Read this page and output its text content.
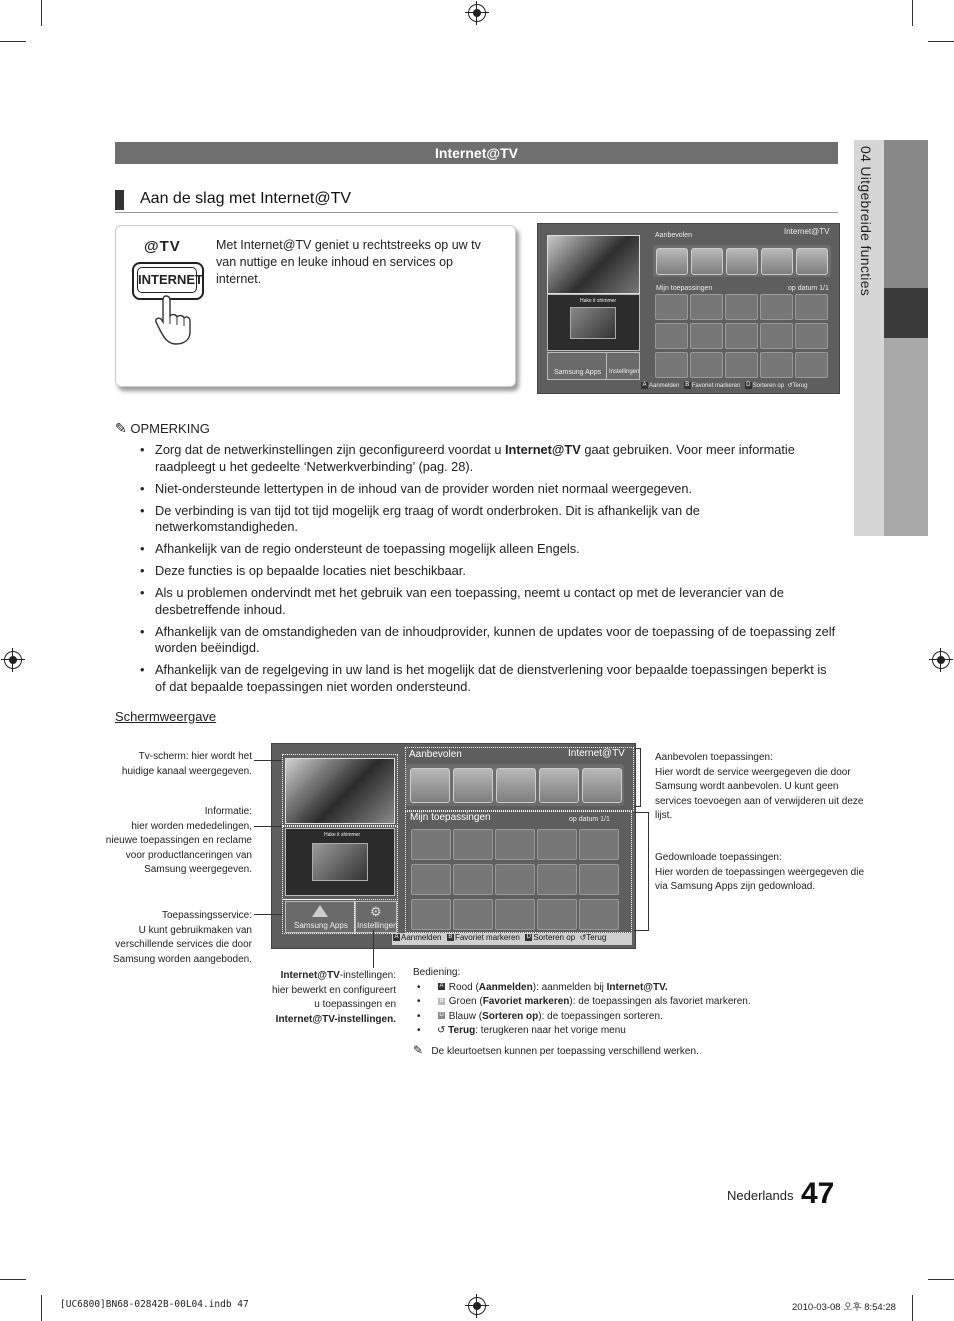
04 Uitgebreide functies
Internet@TV
Aan de slag met Internet@TV
@TV
INTERNET
Met Internet@TV geniet u rechtstreeks op uw tv van nuttige en leuke inhoud en services op internet.
Hake it shimmer
Samsung Apps Instellingen
Aanbevolen	Internet@TV
Mijn toepassingen	op datum 1/1
A Aanmelden B Favoriet markeren D Sorteren op ↺Terug
✎ OPMERKING
• Zorg dat de netwerkinstellingen zijn geconfigureerd voordat u Internet@TV gaat gebruiken. Voor meer informatie raadpleegt u het gedeelte ‘Netwerkverbinding’ (pag. 28).
• Niet-ondersteunde lettertypen in de inhoud van de provider worden niet normaal weergegeven.
• De verbinding is van tijd tot tijd mogelijk erg traag of wordt onderbroken. Dit is afhankelijk van de netwerkomstandigheden.
• Afhankelijk van de regio ondersteunt de toepassing mogelijk alleen Engels.
• Deze functies is op bepaalde locaties niet beschikbaar.
• Als u problemen ondervindt met het gebruik van een toepassing, neemt u contact op met de leverancier van de desbetreffende inhoud.
• Afhankelijk van de omstandigheden van de inhoudprovider, kunnen de updates voor de toepassing of de toepassing zelf worden beëindigd.
• Afhankelijk van de regelgeving in uw land is het mogelijk dat de dienstverlening voor bepaalde toepassingen beperkt is of dat bepaalde toepassingen niet worden ondersteund.
Schermweergave
Hake it shimmer
Samsung Apps
⚙
Instellingen
Aanbevolen	Internet@TV
Mijn toepassingen	op datum 1/1
A Aanmelden B Favoriet markeren D Sorteren op ↺Terug
Tv-scherm: hier wordt het huidige kanaal weergegeven.
Informatie:
hier worden mededelingen, nieuwe toepassingen en reclame voor productlanceringen van Samsung weergegeven.
Toepassingsservice:
U kunt gebruikmaken van verschillende services die door Samsung worden aangeboden.
Internet@TV-instellingen: hier bewerkt en configureert u toepassingen en Internet@TV-instellingen.
Aanbevolen toepassingen:
Hier wordt de service weergegeven die door Samsung wordt aanbevolen. U kunt geen services toevoegen aan of verwijderen uit deze lijst.
Gedownloade toepassingen:
Hier worden de toepassingen weergegeven die via Samsung Apps zijn gedownload.
Bediening:
•	A Rood (Aanmelden): aanmelden bij Internet@TV.
•	B Groen (Favoriet markeren): de toepassingen als favoriet markeren.
•	D Blauw (Sorteren op): de toepassingen sorteren.
• ↺ Terug: terugkeren naar het vorige menu
✎ De kleurtoetsen kunnen per toepassing verschillend werken.
Nederlands 47
[UC6800]BN68-02842B-00L04.indb 47	2010-03-08 오후 8:54:28
